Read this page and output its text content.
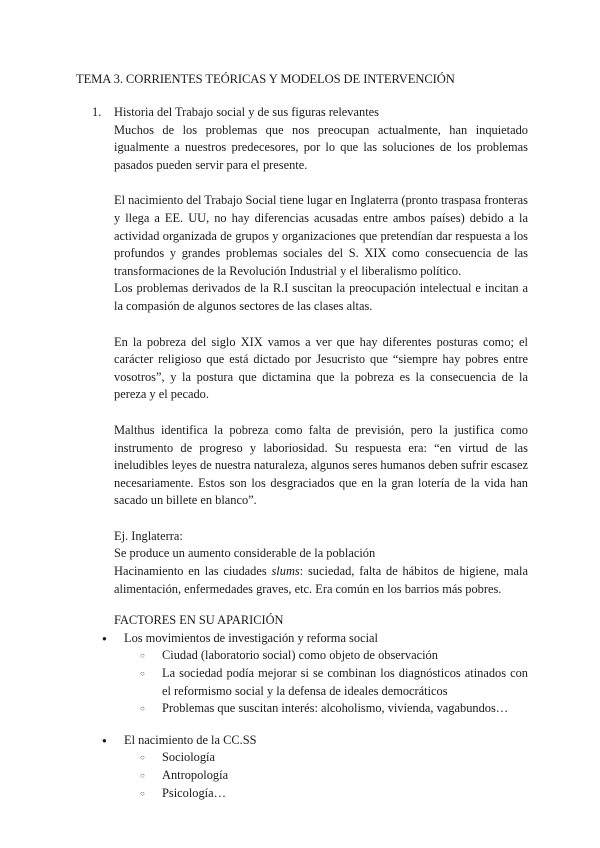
TEMA 3. CORRIENTES TEÓRICAS Y MODELOS DE INTERVENCIÓN
1. Historia del Trabajo social y de sus figuras relevantes

Muchos de los problemas que nos preocupan actualmente, han inquietado igualmente a nuestros predecesores, por lo que las soluciones de los problemas pasados pueden servir para el presente.

El nacimiento del Trabajo Social tiene lugar en Inglaterra (pronto traspasa fronteras y llega a EE. UU, no hay diferencias acusadas entre ambos países) debido a la actividad organizada de grupos y organizaciones que pretendían dar respuesta a los profundos y grandes problemas sociales del S. XIX como consecuencia de las transformaciones de la Revolución Industrial y el liberalismo político.

Los problemas derivados de la R.I suscitan la preocupación intelectual e incitan a la compasión de algunos sectores de las clases altas.

En la pobreza del siglo XIX vamos a ver que hay diferentes posturas como; el carácter religioso que está dictado por Jesucristo que “siempre hay pobres entre vosotros”, y la postura que dictamina que la pobreza es la consecuencia de la pereza y el pecado.

Malthus identifica la pobreza como falta de previsión, pero la justifica como instrumento de progreso y laboriosidad. Su respuesta era: “en virtud de las ineludibles leyes de nuestra naturaleza, algunos seres humanos deben sufrir escasez necesariamente. Estos son los desgraciados que en la gran lotería de la vida han sacado un billete en blanco”.

Ej. Inglaterra:

Se produce un aumento considerable de la población

Hacinamiento en las ciudades slums: suciedad, falta de hábitos de higiene, mala alimentación, enfermedades graves, etc. Era común en los barrios más pobres.

FACTORES EN SU APARICIÓN

● Los movimientos de investigación y reforma social
○ Ciudad (laboratorio social) como objeto de observación
○ La sociedad podía mejorar si se combinan los diagnósticos atinados con el reformismo social y la defensa de ideales democráticos
○ Problemas que suscitan interés: alcoholismo, vivienda, vagabundos…
● El nacimiento de la CC.SS
○ Sociología
○ Antropología
○ Psicología…
